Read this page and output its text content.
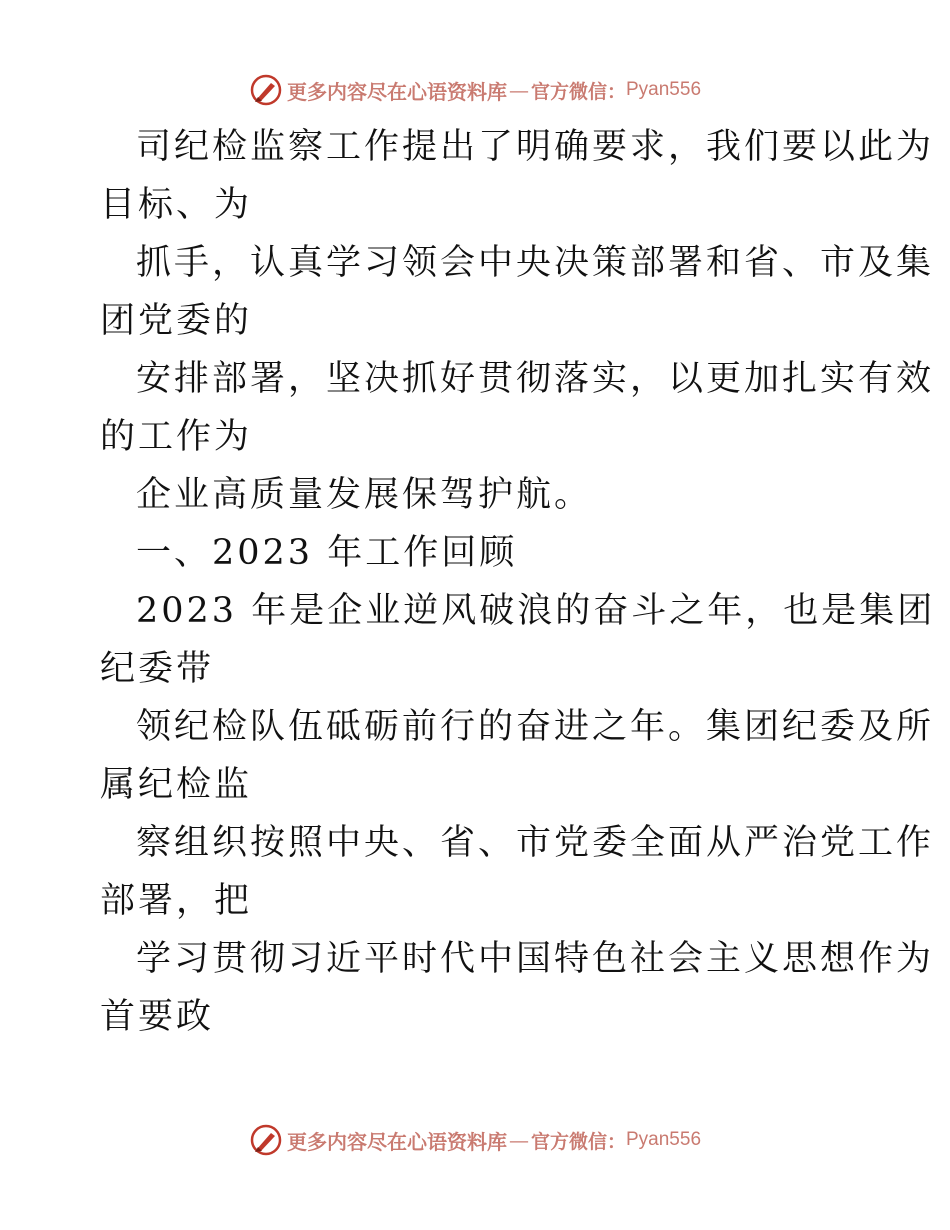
更多内容尽在心语资料库 — 官方微信： Pyan556
司纪检监察工作提出了明确要求，我们要以此为
目标、为
抓手，认真学习领会中央决策部署和省、市及集
团党委的
安排部署，坚决抓好贯彻落实，以更加扎实有效
的工作为
企业高质量发展保驾护航。
一、2023 年工作回顾
2023 年是企业逆风破浪的奋斗之年，也是集团
纪委带
领纪检队伍砥砺前行的奋进之年。集团纪委及所
属纪检监
察组织按照中央、省、市党委全面从严治党工作
部署，把
学习贯彻习近平时代中国特色社会主义思想作为
首要政
更多内容尽在心语资料库 — 官方微信： Pyan556
